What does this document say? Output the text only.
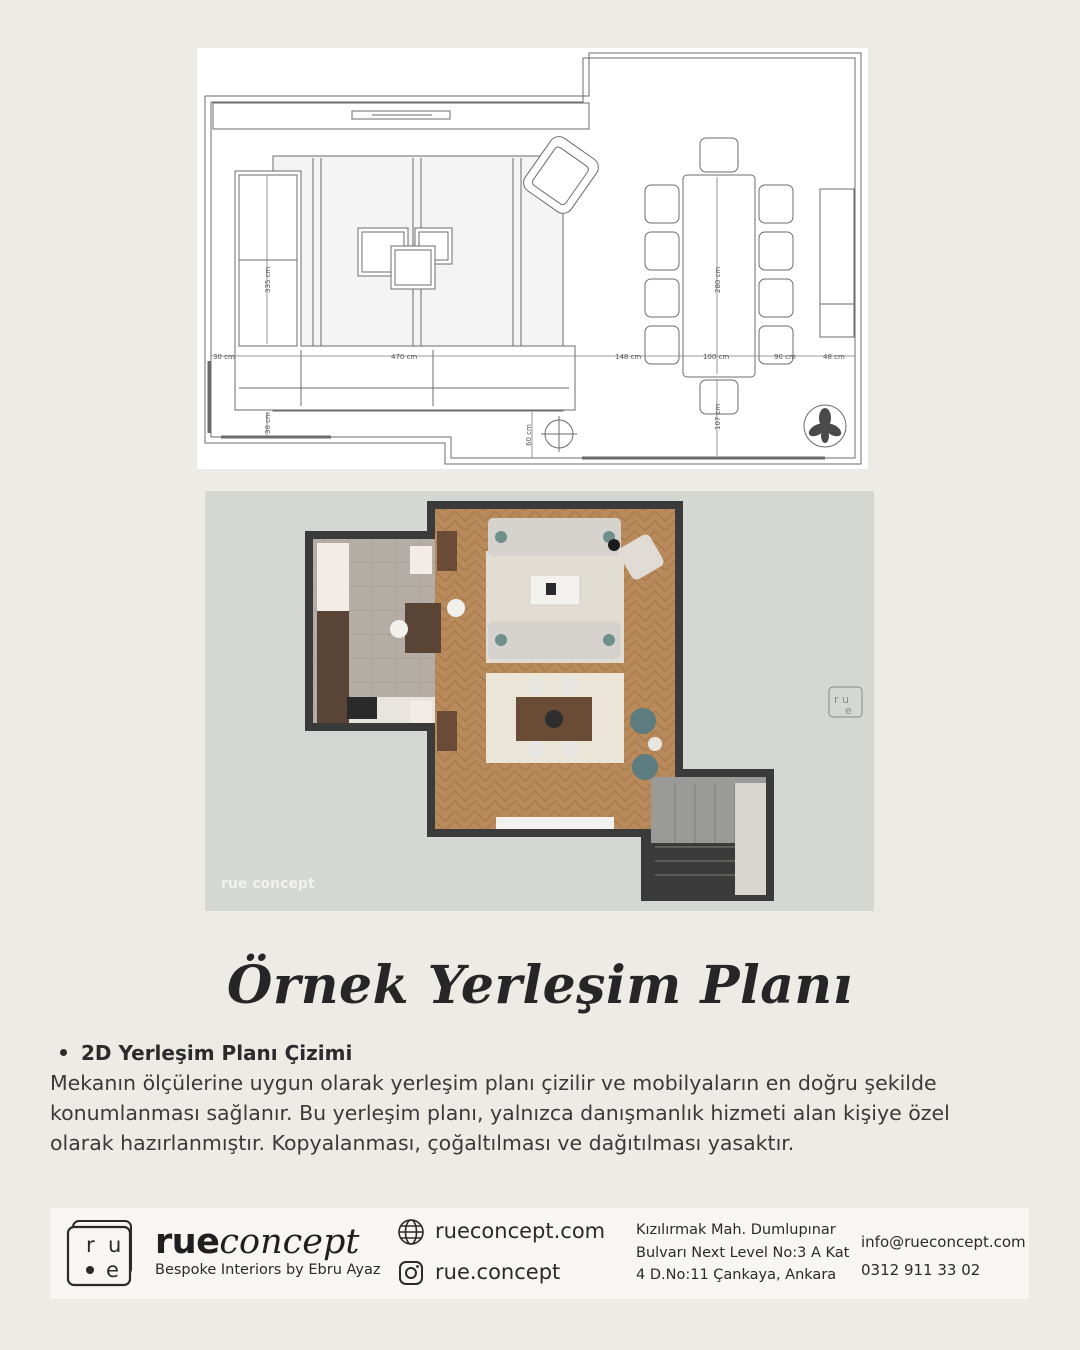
30 cm
335 cm
470 cm
30 cm
60 cm
148 cm
280 cm
100 cm	90 cm	48 cm
107 cm
rue concept
r u
e
Örnek Yerleşim Planı
2D Yerleşim Planı Çizimi
Mekanın ölçülerine uygun olarak yerleşim planı çizilir ve mobilyaların en doğru şekilde
konumlanması sağlanır. Bu yerleşim planı, yalnızca danışmanlık hizmeti alan kişiye özel
olarak hazırlanmıştır. Kopyalanması, çoğaltılması ve dağıtılması yasaktır.
r u
e
rueconcept
Bespoke Interiors by Ebru Ayaz
rueconcept.com
rue.concept
Kızılırmak Mah. Dumlupınar
Bulvarı Next Level No:3 A Kat
4 D.No:11 Çankaya, Ankara
info@rueconcept.com
0312 911 33 02
